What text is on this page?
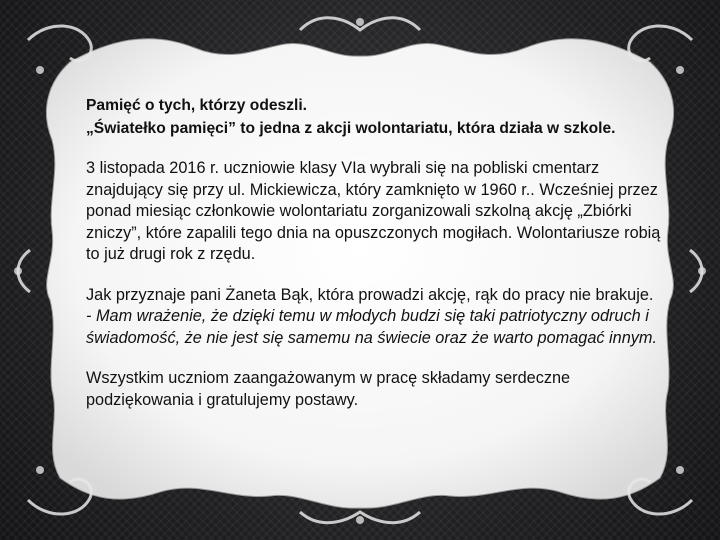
Pamięć o tych, którzy odeszli.
„Światełko pamięci” to jedna z akcji wolontariatu, która działa w szkole.

3 listopada 2016 r. uczniowie klasy VIa wybrali się na pobliski cmentarz znajdujący się przy ul. Mickiewicza, który zamknięto w 1960 r.. Wcześniej przez ponad miesiąc członkowie wolontariatu zorganizowali szkolną akcję „Zbiórki zniczy”, które zapalili tego dnia na opuszczonych mogiłach. Wolontariusze robią to już drugi rok z rzędu.

Jak przyznaje pani Żaneta Bąk, która prowadzi akcję, rąk do pracy nie brakuje.
- Mam wrażenie, że dzięki temu w młodych budzi się taki patriotyczny odruch i świadomość, że nie jest się samemu na świecie oraz że warto pomagać innym.

Wszystkim uczniom zaangażowanym w pracę składamy serdeczne podziękowania i gratulujemy postawy.
